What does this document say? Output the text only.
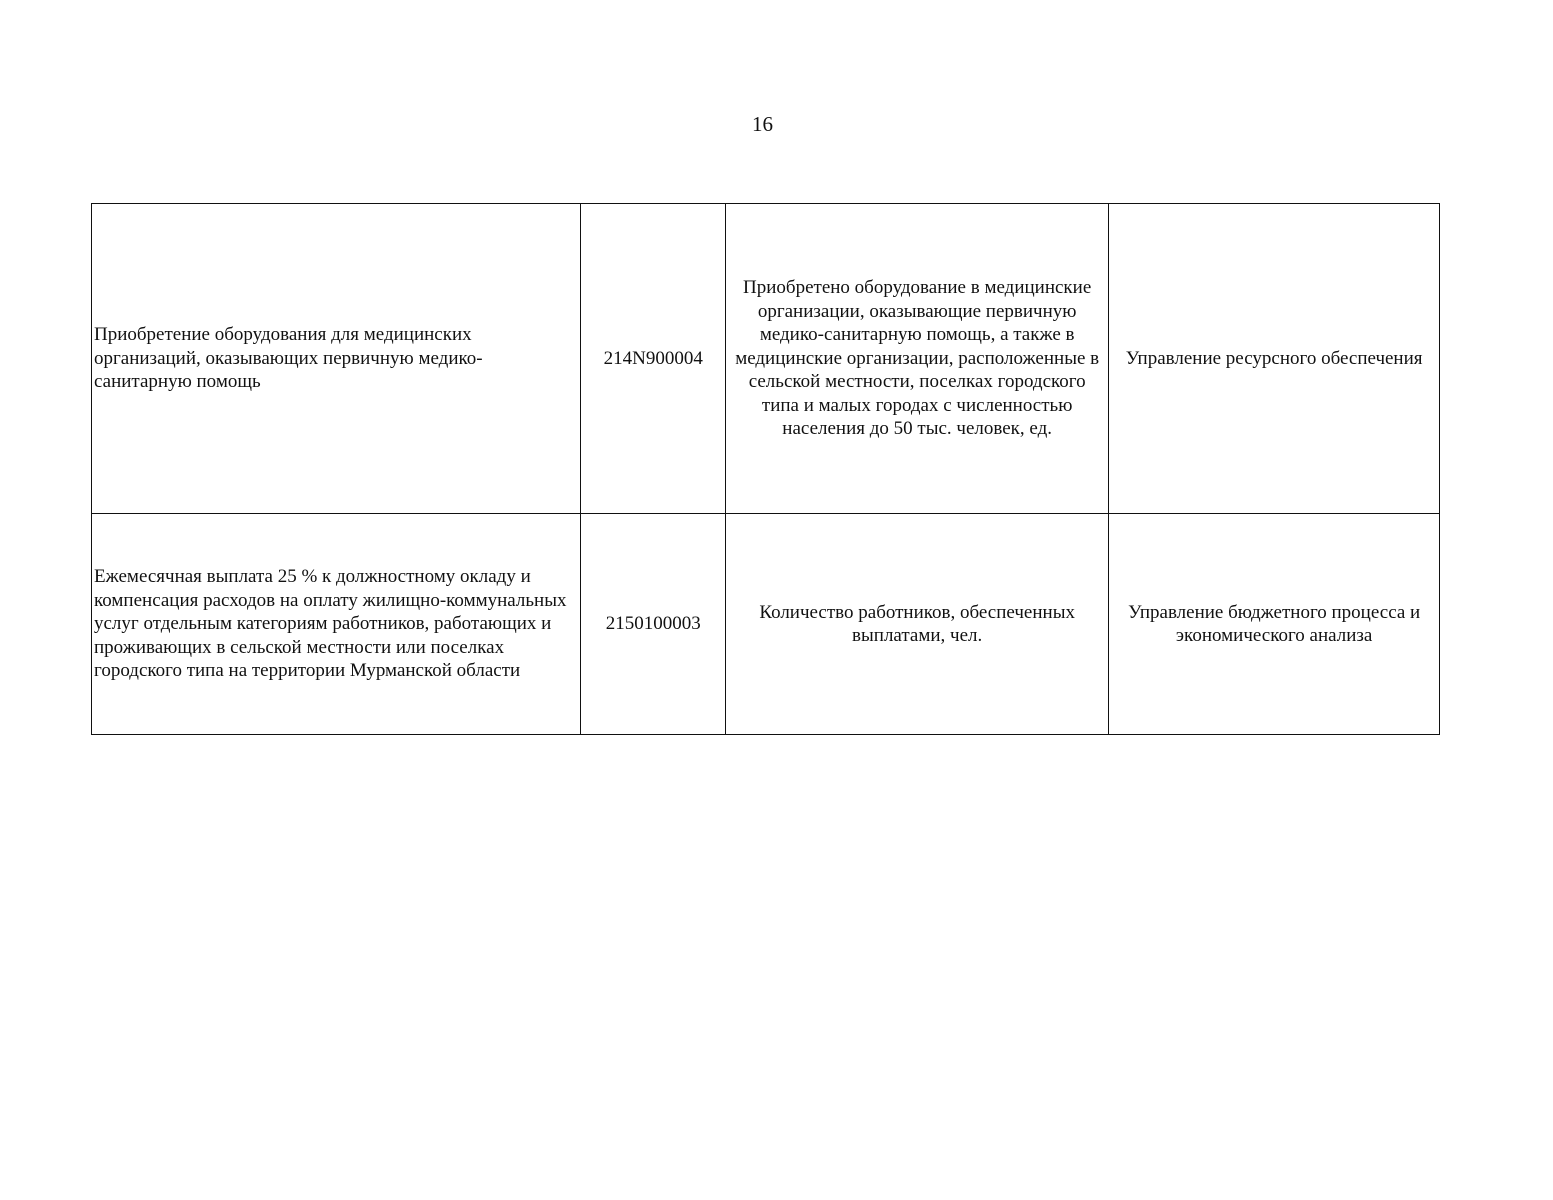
16
Приобретение оборудования для медицинских организаций, оказывающих первичную медико-санитарную помощь	214N900004	Приобретено оборудование в медицинские организации, оказывающие первичную медико-санитарную помощь, а также в медицинские организации, расположенные в сельской местности, поселках городского типа и малых городах с численностью населения до 50 тыс. человек, ед.	Управление ресурсного обеспечения
Ежемесячная выплата 25 % к должностному окладу и компенсация расходов на оплату жилищно-коммунальных услуг отдельным категориям работников, работающих и проживающих в сельской местности или поселках городского типа на территории Мурманской области	2150100003	Количество работников, обеспеченных выплатами, чел.	Управление бюджетного процесса и экономического анализа
